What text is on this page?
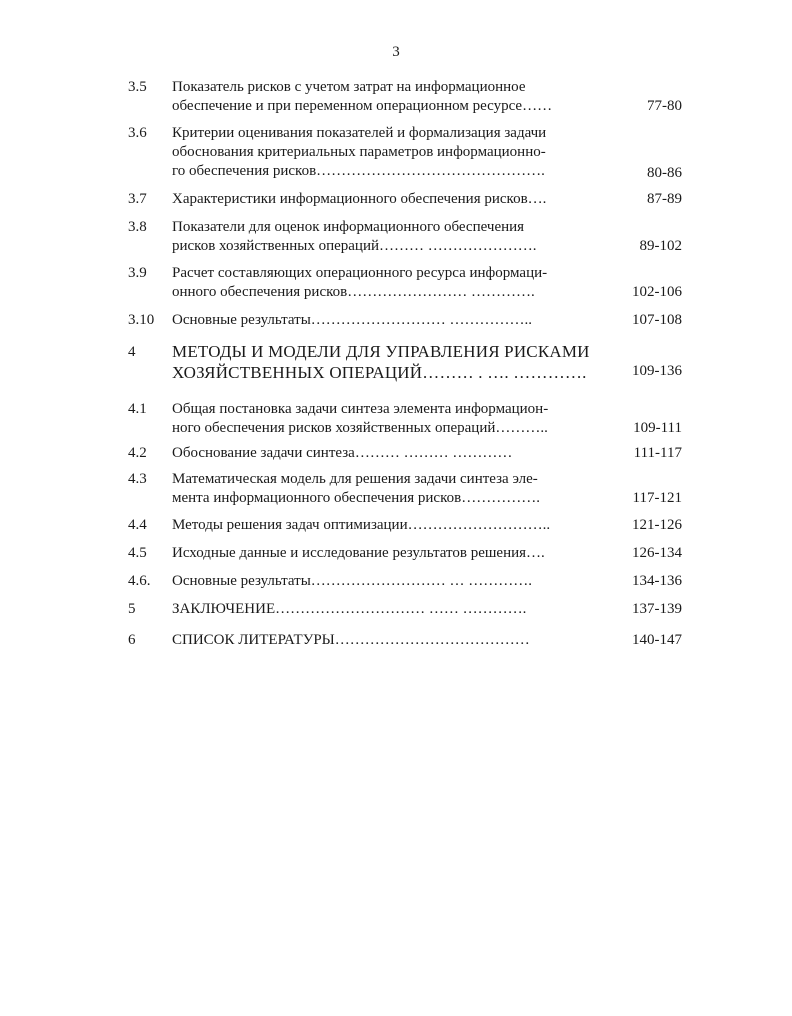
3
3.5 Показатель рисков с учетом затрат на информационное
обеспечение и при переменном операционном ресурсе……	77-80
3.6 Критерии оценивания показателей и формализация задачи
обоснования критериальных параметров информационно-
го обеспечения рисков……………………………………….	80-86
3.7 Характеристики информационного обеспечения рисков….	87-89
3.8 Показатели для оценок информационного обеспечения
рисков хозяйственных операций……… ………………….	89-102
3.9 Расчет составляющих операционного ресурса информаци-
онного обеспечения рисков…………………… ………….	102-106
3.10 Основные результаты……………………… ……………..	107-108
4 МЕТОДЫ И МОДЕЛИ ДЛЯ УПРАВЛЕНИЯ РИСКАМИ
ХОЗЯЙСТВЕННЫХ ОПЕРАЦИЙ……… . …. ………….	109-136
4.1 Общая постановка задачи синтеза элемента информацион-
ного обеспечения рисков хозяйственных операций………..	109-111
4.2 Обоснование задачи синтеза……… ……… …………	111-117
4.3 Математическая модель для решения задачи синтеза эле-
мента информационного обеспечения рисков…………….	117-121
4.4 Методы решения задач оптимизации………………………..	121-126
4.5 Исходные данные и исследование результатов решения….	126-134
4.6. Основные результаты……………………… … ………….	134-136
5 ЗАКЛЮЧЕНИЕ………………………… …… ………….	137-139
6 СПИСОК ЛИТЕРАТУРЫ…………………………………	140-147
